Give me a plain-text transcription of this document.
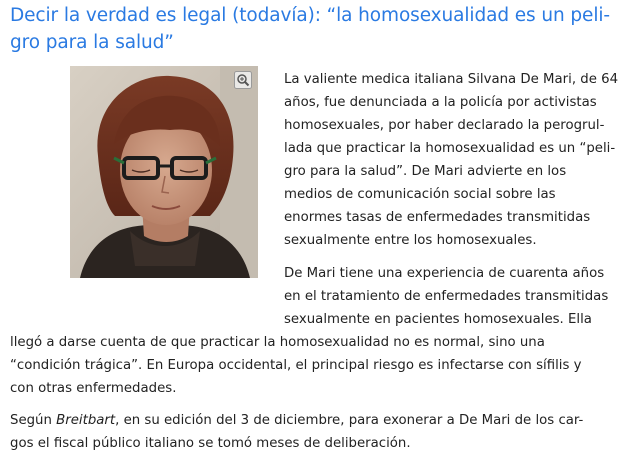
Decir la verdad es legal (todavía): “la homosexualidad es un peli-
gro para la salud”

La valiente medica italiana Silvana De Mari, de 64
años, fue denunciada a la policía por activistas
homosexuales, por haber declarado la perogrul-
lada que practicar la homosexualidad es un “peli-
gro para la salud”. De Mari advierte en los
medios de comunicación social sobre las
enormes tasas de enfermedades transmitidas
sexualmente entre los homosexuales.

De Mari tiene una experiencia de cuarenta años
en el tratamiento de enfermedades transmitidas
sexualmente en pacientes homosexuales. Ella

llegó a darse cuenta de que practicar la homosexualidad no es normal, sino una
“condición trágica”. En Europa occidental, el principal riesgo es infectarse con sífilis y
con otras enfermedades.

Según Breitbart, en su edición del 3 de diciembre, para exonerar a De Mari de los car-
gos el fiscal público italiano se tomó meses de deliberación.
